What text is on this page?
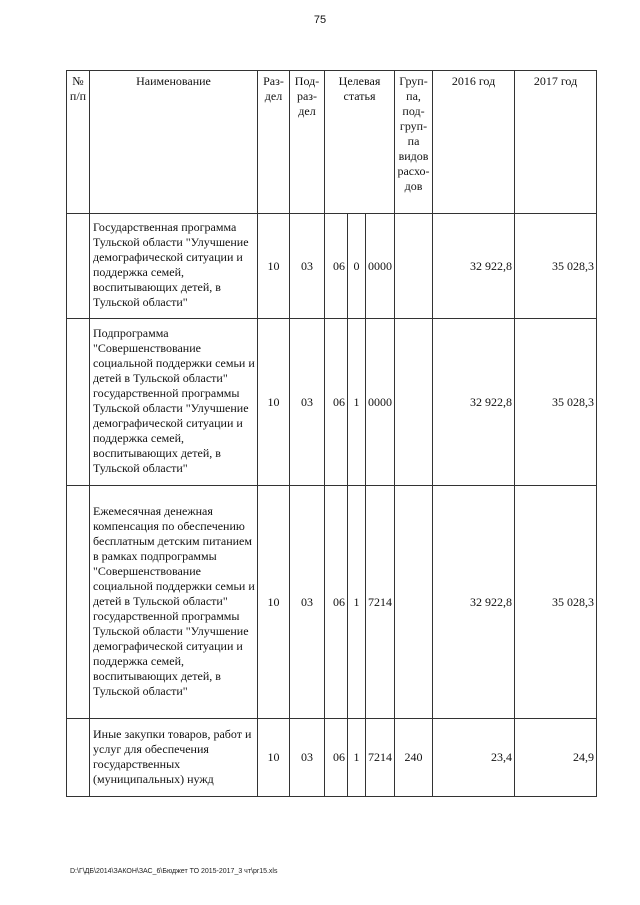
75
№ п/п	Наименование	Раз-дел	Под-раз-дел	Целевая статья			Груп-па, под-груп-па видов расхо-дов	2016 год	2017 год
	Государственная программа Тульской области "Улучшение демографической ситуации и поддержка семей, воспитывающих детей, в Тульской области"	10	03	06	0	0000		32 922,8	35 028,3
	Подпрограмма "Совершенствование социальной поддержки семьи и детей в Тульской области" государственной программы Тульской области "Улучшение демографической ситуации и поддержка семей, воспитывающих детей, в Тульской области"	10	03	06	1	0000		32 922,8	35 028,3
	Ежемесячная денежная компенсация по обеспечению бесплатным детским питанием в рамках подпрограммы "Совершенствование социальной поддержки семьи и детей в Тульской области" государственной программы Тульской области "Улучшение демографической ситуации и поддержка семей, воспитывающих детей, в Тульской области"	10	03	06	1	7214		32 922,8	35 028,3
	Иные закупки товаров, работ и услуг для обеспечения государственных (муниципальных) нужд	10	03	06	1	7214	240	23,4	24,9
D:\Г\ДБ\2014\ЗАКОН\ЗАС_6\Бюджет ТО 2015-2017_3 чт\pr15.xls
